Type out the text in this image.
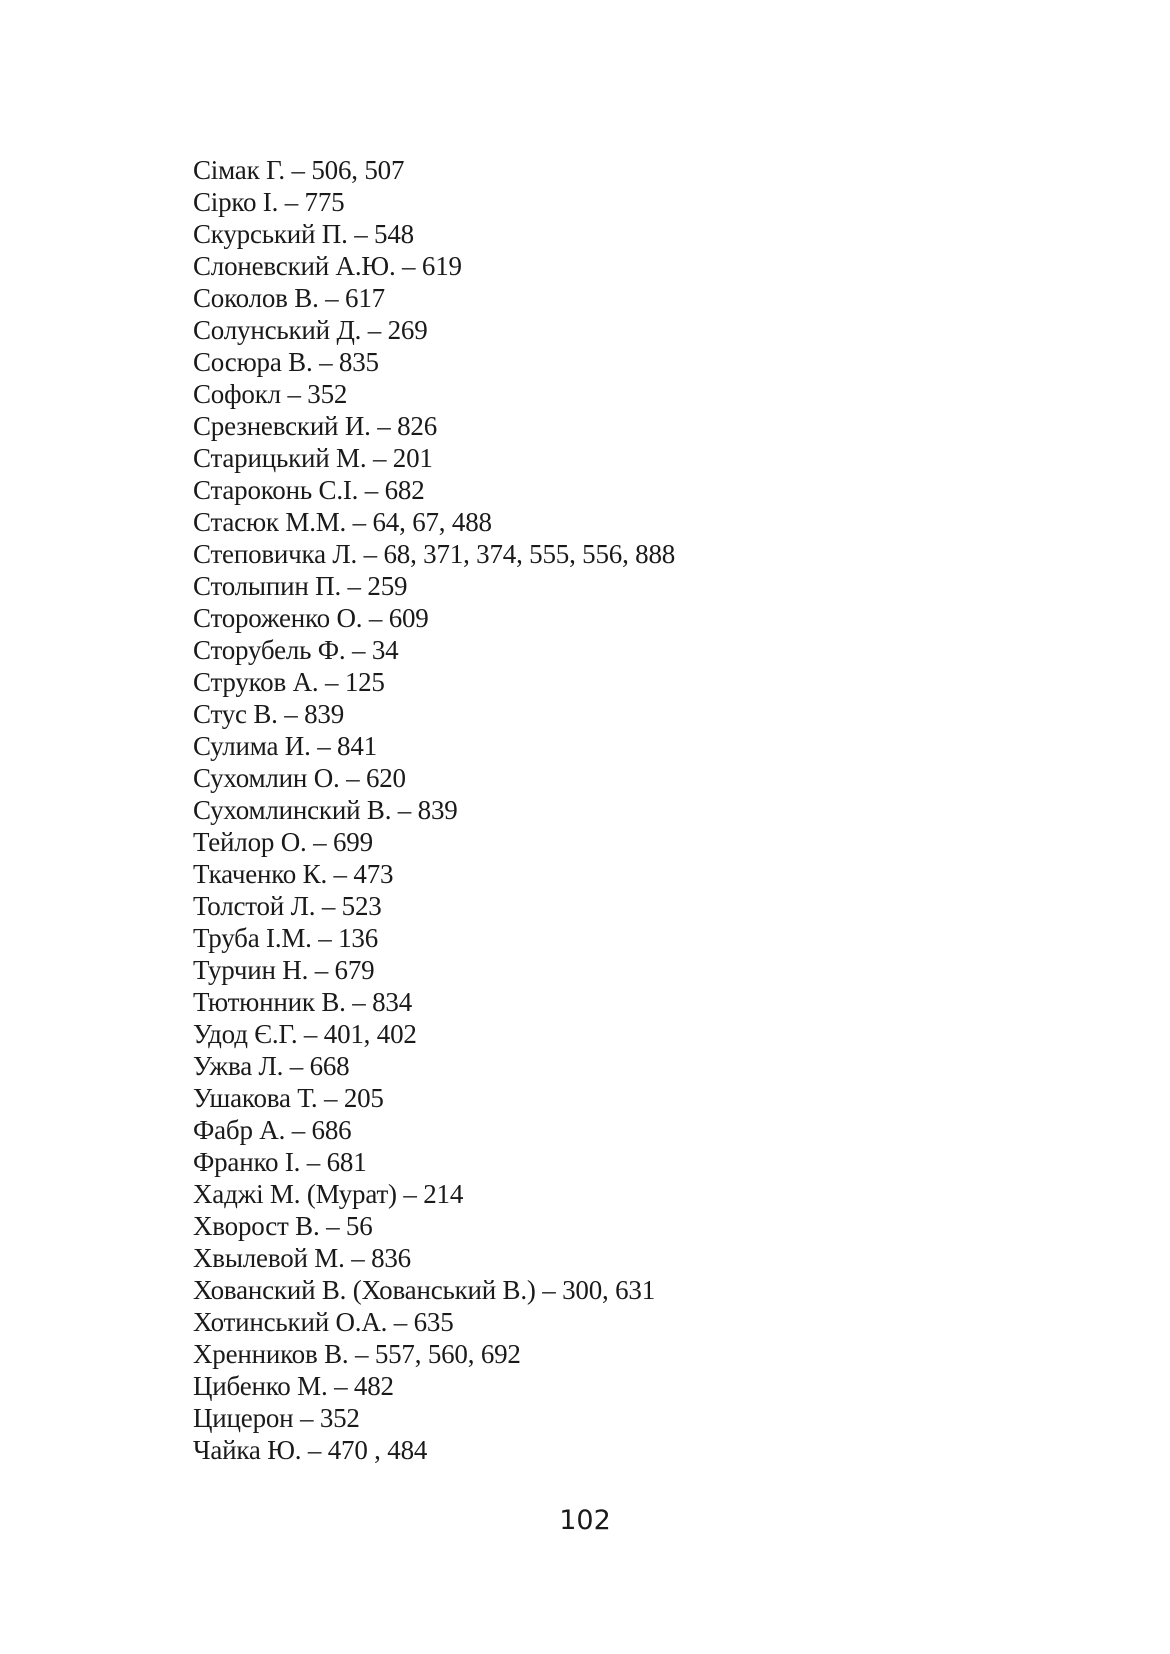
Сімак Г. – 506, 507
Сірко І. – 775
Скурський П. – 548
Слоневский А.Ю. – 619
Соколов В. – 617
Солунський Д. – 269
Сосюра В. – 835
Софокл – 352
Срезневский И. – 826
Старицький М. – 201
Староконь С.І. – 682
Стасюк М.М. – 64, 67, 488
Степовичка Л. – 68, 371, 374, 555, 556, 888
Столыпин П. – 259
Стороженко О. – 609
Сторубель Ф. – 34
Струков А. – 125
Стус В. – 839
Сулима И. – 841
Сухомлин О. – 620
Сухомлинский В. – 839
Тейлор О. – 699
Ткаченко К. – 473
Толстой Л. – 523
Труба І.М. – 136
Турчин Н. – 679
Тютюнник В. – 834
Удод Є.Г. – 401, 402
Ужва Л. – 668
Ушакова Т. – 205
Фабр А. – 686
Франко І. – 681
Хаджі М. (Мурат) – 214
Хворост В. – 56
Хвылевой М. – 836
Хованский В. (Хованський В.) – 300, 631
Хотинський О.А. – 635
Хренников В. – 557, 560, 692
Цибенко М. – 482
Цицерон – 352
Чайка Ю. – 470 , 484
102
